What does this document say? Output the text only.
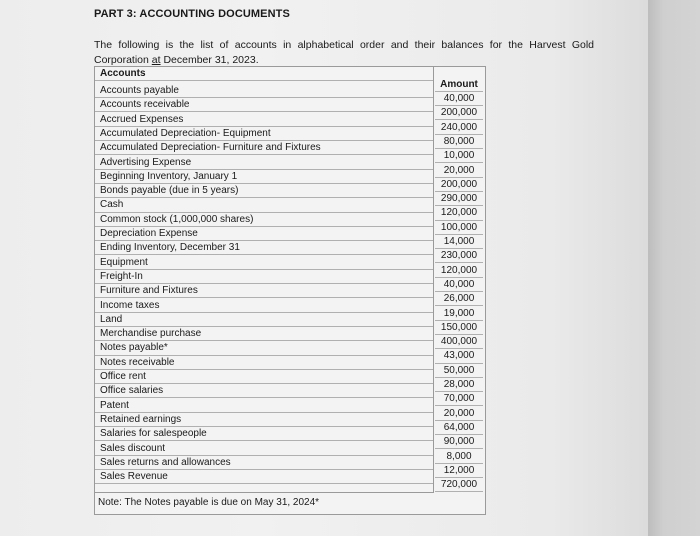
PART 3: ACCOUNTING DOCUMENTS
The following is the list of accounts in alphabetical order and their balances for the Harvest Gold Corporation at December 31, 2023.
Accounts
Accounts payable
Accounts receivable
Accrued Expenses
Accumulated Depreciation- Equipment
Accumulated Depreciation- Furniture and Fixtures
Advertising Expense
Beginning Inventory, January 1
Bonds payable (due in 5 years)
Cash
Common stock (1,000,000 shares)
Depreciation Expense
Ending Inventory, December 31
Equipment
Freight-In
Furniture and Fixtures
Income taxes
Land
Merchandise purchase
Notes payable*
Notes receivable
Office rent
Office salaries
Patent
Retained earnings
Salaries for salespeople
Sales discount
Sales returns and allowances
Sales Revenue
Amount
40,000
200,000
240,000
80,000
10,000
20,000
200,000
290,000
120,000
100,000
14,000
230,000
120,000
40,000
26,000
19,000
150,000
400,000
43,000
50,000
28,000
70,000
20,000
64,000
90,000
8,000
12,000
720,000
Note: The Notes payable is due on May 31, 2024*
